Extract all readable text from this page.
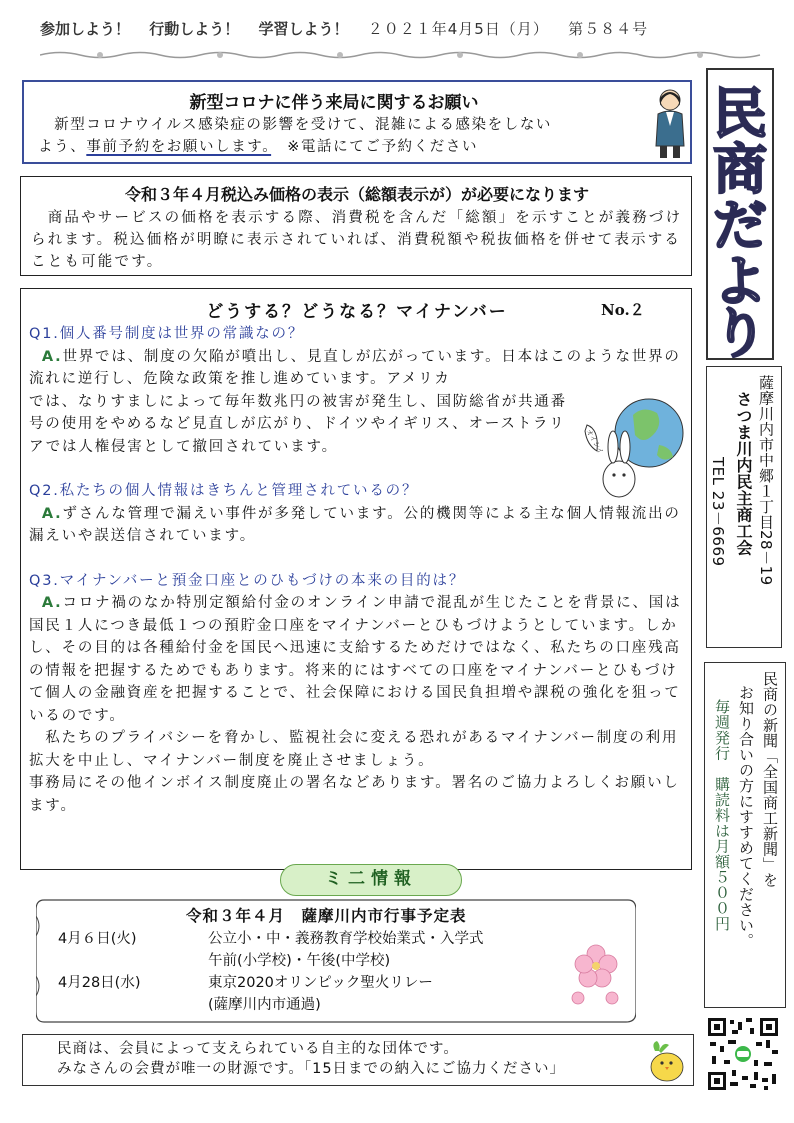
参加しよう！ 行動しよう！ 学習しよう！ ２０２１年4月5日（月） 第５８４号
新型コロナに伴う来局に関するお願い
　新型コロナウイルス感染症の影響を受けて、混雑による感染をしない
よう、事前予約をお願いします。　※電話にてご予約ください
令和３年４月税込み価格の表示（総額表示が）が必要になります
　商品やサービスの価格を表示する際、消費税を含んだ「総額」を示すことが義務づけられます。税込価格が明瞭に表示されていれば、消費税額や税抜価格を併せて表示することも可能です。
どうする？どうなる？マイナンバー	No.２
Q1.個人番号制度は世界の常識なの？
A.世界では、制度の欠陥が噴出し、見直しが広がっています。日本はこのような世界の流れに逆行し、危険な政策を推し進めています。アメリカ
では、なりすましによって毎年数兆円の被害が発生し、国防総省が共通番号の使用をやめるなど見直しが広がり、ドイツやイギリス、オーストラリアでは人権侵害として撤回されています。
Q2.私たちの個人情報はきちんと管理されているの？
A.ずさんな管理で漏えい事件が多発しています。公的機関等による主な個人情報流出の漏えいや誤送信されています。
Q3.マイナンバーと預金口座とのひもづけの本来の目的は？
A.コロナ禍のなか特別定額給付金のオンライン申請で混乱が生じたことを背景に、国は国民１人につき最低１つの預貯金口座をマイナンバーとひもづけようとしています。しかし、その目的は各種給付金を国民へ迅速に支給するためだけではなく、私たちの口座残高の情報を把握するためでもあります。将来的にはすべての口座をマイナンバーとひもづけて個人の金融資産を把握することで、社会保障における国民負担増や課税の強化を狙っているのです。
　私たちのプライバシーを脅かし、監視社会に変える恐れがあるマイナンバー制度の利用拡大を中止し、マイナンバー制度を廃止させましょう。
事務局にその他インボイス制度廃止の署名などあります。署名のご協力よろしくお願いします。
オイシイ
令和３年４月　薩摩川内市行事予定表
4月６日(火)	公立小・中・義務教育学校始業式・入学式
午前(小学校)・午後(中学校)
4月28日(水)	東京2020オリンピック聖火リレー
(薩摩川内市通過)
ミ二情報
民商は、会員によって支えられている自主的な団体です。
みなさんの会費が唯一の財源です。「15日までの納入にご協力ください」
民
商
だ
よ
り
薩摩川内市中郷１丁目28－19
さつま川内民主商工会
TEL 23－6669
民商の新聞「全国商工新聞」を
お知り合いの方にすすめてください。
毎週発行　購読料は月額５００円
